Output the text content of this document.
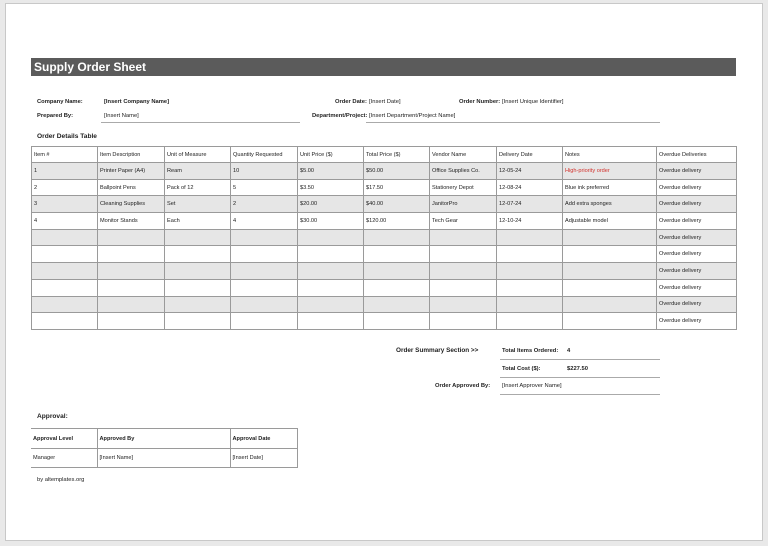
Supply Order Sheet
Company Name:	[Insert Company Name]	Order Date: [Insert Date]	Order Number: [Insert Unique Identifier]
Prepared By:	[Insert Name]	Department/Project: [Insert Department/Project Name]
Order Details Table
Item #	Item Description	Unit of Measure	Quantity Requested	Unit Price ($)	Total Price ($)	Vendor Name	Delivery Date	Notes	Overdue Deliveries
1	Printer Paper (A4)	Ream	10	$5.00	$50.00	Office Supplies Co.	12-05-24	High-priority order	Overdue delivery
2	Ballpoint Pens	Pack of 12	5	$3.50	$17.50	Stationery Depot	12-08-24	Blue ink preferred	Overdue delivery
3	Cleaning Supplies	Set	2	$20.00	$40.00	JanitorPro	12-07-24	Add extra sponges	Overdue delivery
4	Monitor Stands	Each	4	$30.00	$120.00	Tech Gear	12-10-24	Adjustable model	Overdue delivery
									Overdue delivery
									Overdue delivery
									Overdue delivery
									Overdue delivery
									Overdue delivery
									Overdue delivery
Order Summary Section >>	Total Items Ordered: 4
Total Cost ($):	$227.50
Order Approved By: [Insert Approver Name]
Approval:
Approval Level	Approved By	Approval Date
Manager	[Insert Name]	[Insert Date]
by altemplates.org
